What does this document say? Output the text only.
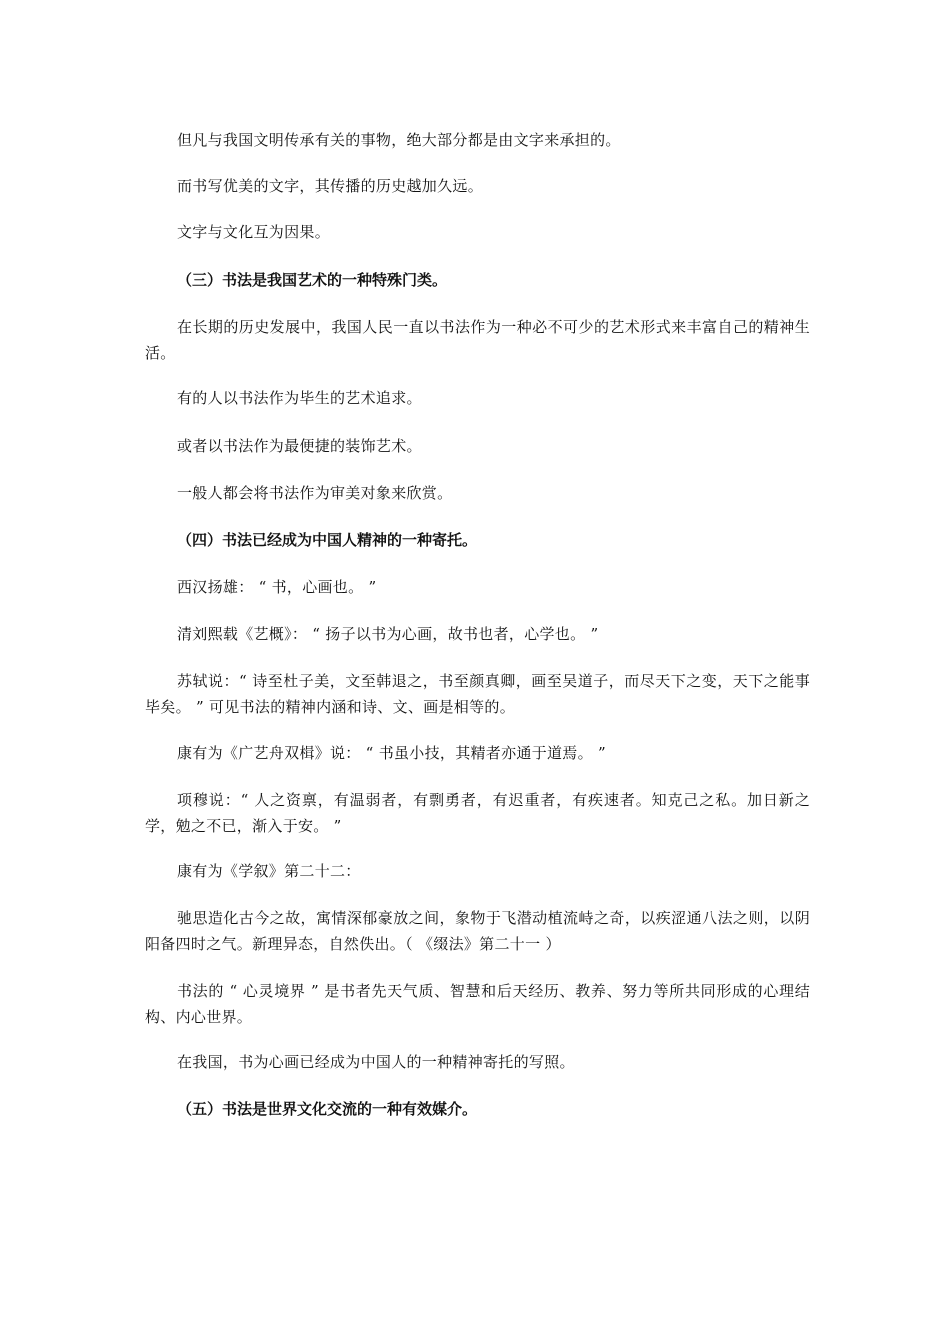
但凡与我国文明传承有关的事物，绝大部分都是由文字来承担的。

而书写优美的文字，其传播的历史越加久远。

文字与文化互为因果。

（三）书法是我国艺术的一种特殊门类。

在长期的历史发展中，我国人民一直以书法作为一种必不可少的艺术形式来丰富自己的精神生活。

有的人以书法作为毕生的艺术追求。

或者以书法作为最便捷的装饰艺术。

一般人都会将书法作为审美对象来欣赏。

（四）书法已经成为中国人精神的一种寄托。

西汉扬雄： “ 书，心画也。 ”

清刘熙载《艺概》： “ 扬子以书为心画，故书也者，心学也。 ”

苏轼说：“ 诗至杜子美，文至韩退之，书至颜真卿，画至吴道子，而尽天下之变，天下之能事毕矣。 ” 可见书法的精神内涵和诗、文、画是相等的。

康有为《广艺舟双楫》说： “ 书虽小技，其精者亦通于道焉。 ”

项穆说：“ 人之资禀，有温弱者，有剽勇者，有迟重者，有疾速者。知克己之私。加日新之学，勉之不已，渐入于安。 ”

康有为《学叙》第二十二：

驰思造化古今之故，寓情深郁豪放之间，象物于飞潜动植流峙之奇，以疾涩通八法之则，以阴阳备四时之气。新理异态，自然佚出。（ 《缀法》第二十一 ）

书法的 “ 心灵境界 ” 是书者先天气质、智慧和后天经历、教养、努力等所共同形成的心理结构、内心世界。

在我国，书为心画已经成为中国人的一种精神寄托的写照。

（五）书法是世界文化交流的一种有效媒介。
